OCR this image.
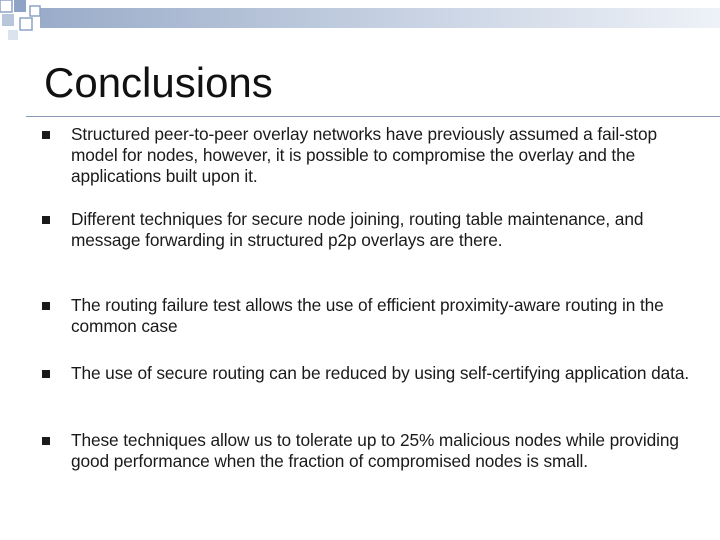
Conclusions
Structured peer-to-peer overlay networks have previously assumed a fail-stop model for nodes, however, it is possible to compromise the overlay and the applications built upon it.
Different techniques for secure node joining, routing table maintenance, and message forwarding in structured p2p overlays are there.
The routing failure test allows the use of efficient proximity-aware routing in the common case
The use of secure routing can be reduced by using self-certifying application data.
These techniques allow us to tolerate up to 25% malicious nodes while providing good performance when the fraction of compromised nodes is small.
